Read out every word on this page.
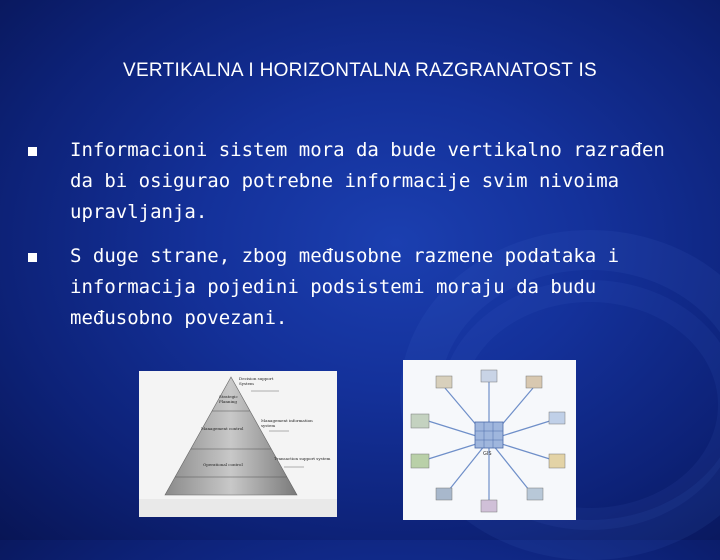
VERTIKALNA I HORIZONTALNA RAZGRANATOST IS
Informacioni sistem mora da bude vertikalno razrađen da bi osigurao potrebne informacije svim nivoima upravljanja.
S duge strane, zbog međusobne razmene podataka i informacija pojedini podsistemi moraju da budu međusobno povezani.
Strategic Planning
Management control
Operational control
Decision support System
Management information system
Transaction support system
GIS
